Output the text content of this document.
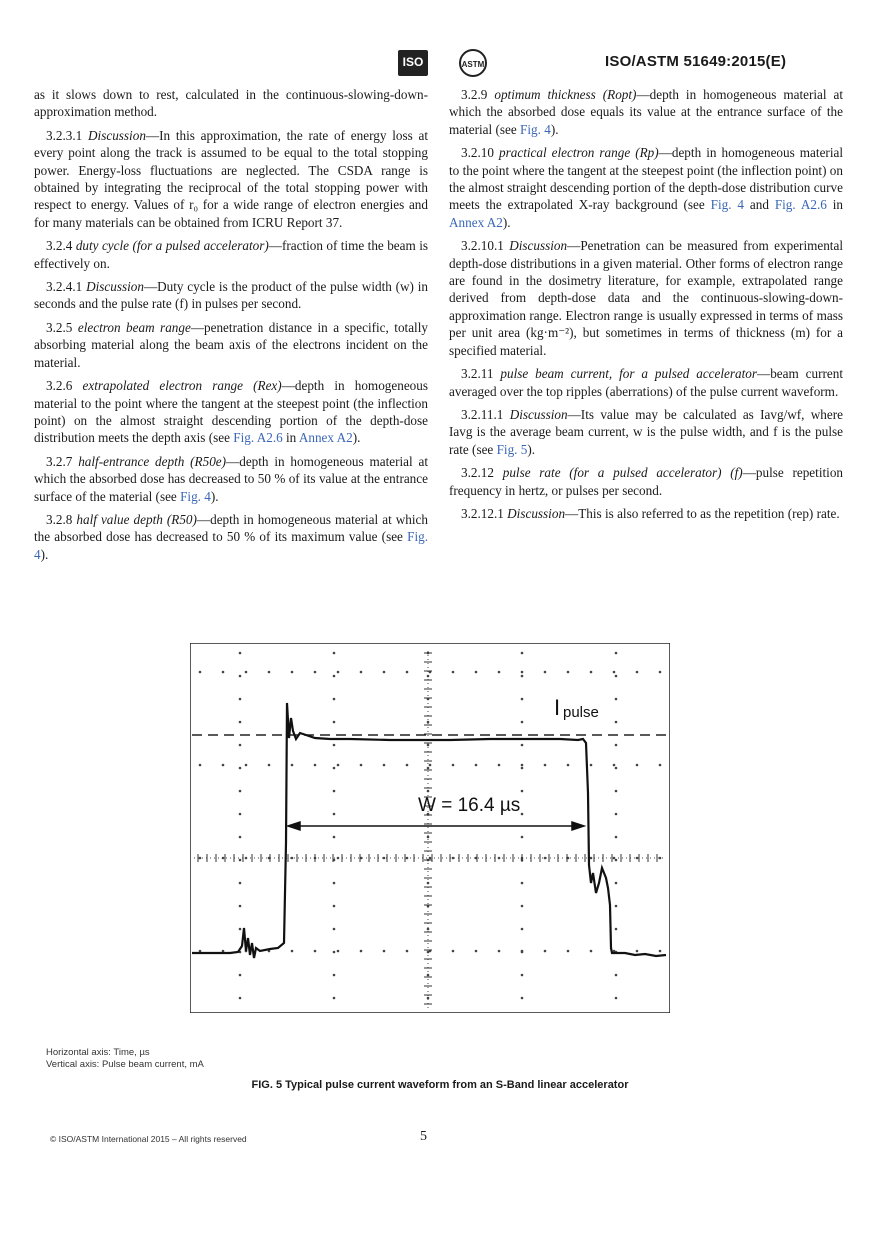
ISO	ASTM	ISO/ASTM 51649:2015(E)

as it slows down to rest, calculated in the continuous-slowing-down-approximation method.

3.2.3.1 Discussion—In this approximation, the rate of energy loss at every point along the track is assumed to be equal to the total stopping power. Energy-loss fluctuations are neglected. The CSDA range is obtained by integrating the reciprocal of the total stopping power with respect to energy. Values of r₀ for a wide range of electron energies and for many materials can be obtained from ICRU Report 37.

3.2.4 duty cycle (for a pulsed accelerator)—fraction of time the beam is effectively on.

3.2.4.1 Discussion—Duty cycle is the product of the pulse width (w) in seconds and the pulse rate (f) in pulses per second.

3.2.5 electron beam range—penetration distance in a specific, totally absorbing material along the beam axis of the electrons incident on the material.

3.2.6 extrapolated electron range (Rex)—depth in homogeneous material to the point where the tangent at the steepest point (the inflection point) on the almost straight descending portion of the depth-dose distribution meets the depth axis (see Fig. A2.6 in Annex A2).

3.2.7 half-entrance depth (R50e)—depth in homogeneous material at which the absorbed dose has decreased to 50 % of its value at the entrance surface of the material (see Fig. 4).

3.2.8 half value depth (R50)—depth in homogeneous material at which the absorbed dose has decreased to 50 % of its maximum value (see Fig. 4).

3.2.9 optimum thickness (Ropt)—depth in homogeneous material at which the absorbed dose equals its value at the entrance surface of the material (see Fig. 4).

3.2.10 practical electron range (Rp)—depth in homogeneous material to the point where the tangent at the steepest point (the inflection point) on the almost straight descending portion of the depth-dose distribution curve meets the extrapolated X-ray background (see Fig. 4 and Fig. A2.6 in Annex A2).

3.2.10.1 Discussion—Penetration can be measured from experimental depth-dose distributions in a given material. Other forms of electron range are found in the dosimetry literature, for example, extrapolated range derived from depth-dose data and the continuous-slowing-down-approximation range. Electron range is usually expressed in terms of mass per unit area (kg·m⁻²), but sometimes in terms of thickness (m) for a specified material.

3.2.11 pulse beam current, for a pulsed accelerator—beam current averaged over the top ripples (aberrations) of the pulse current waveform.

3.2.11.1 Discussion—Its value may be calculated as Iavg/wf, where Iavg is the average beam current, w is the pulse width, and f is the pulse rate (see Fig. 5).

3.2.12 pulse rate (for a pulsed accelerator) (f)—pulse repetition frequency in hertz, or pulses per second.

3.2.12.1 Discussion—This is also referred to as the repetition (rep) rate.

W = 16.4 µs
I pulse
Horizontal axis: Time, µs
Vertical axis: Pulse beam current, mA
FIG. 5 Typical pulse current waveform from an S-Band linear accelerator
© ISO/ASTM International 2015 – All rights reserved	5
